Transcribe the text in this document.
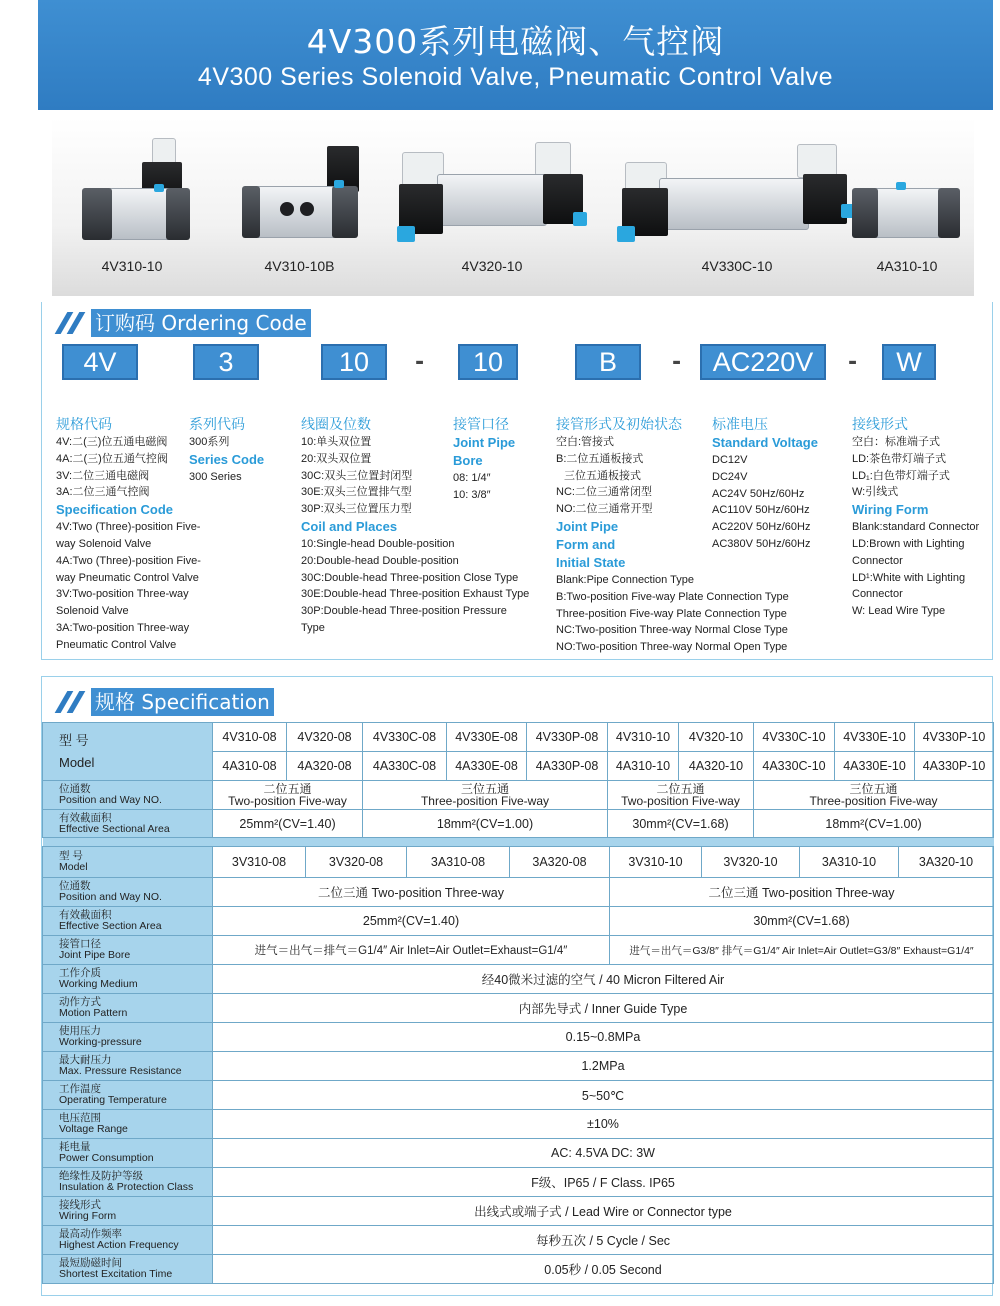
4V300系列电磁阀、气控阀
4V300 Series Solenoid Valve, Pneumatic Control Valve
4V310-10	4V310-10B	4V320-10	4V330C-10	4A310-10
订购码 Ordering Code
4V	3	10	-	10	B	-	AC220V	-	W
规格代码
4V:二(三)位五通电磁阀
4A:二(三)位五通气控阀
3V:二位三通电磁阀
3A:二位三通气控阀
Specification Code
4V:Two (Three)-position Five-
way Solenoid Valve
4A:Two (Three)-position Five-
way Pneumatic Control Valve
3V:Two-position Three-way
Solenoid Valve
3A:Two-position Three-way
Pneumatic Control Valve
系列代码
300系列
Series Code
300 Series
线圈及位数
10:单头双位置
20:双头双位置
30C:双头三位置封闭型
30E:双头三位置排气型
30P:双头三位置压力型
Coil and Places
10:Single-head Double-position
20:Double-head Double-position
30C:Double-head Three-position Close Type
30E:Double-head Three-position Exhaust Type
30P:Double-head Three-position Pressure
Type
接管口径
Joint Pipe
Bore
08: 1/4″
10: 3/8″
接管形式及初始状态
空白:管接式
B:二位五通板接式
三位五通板接式
NC:二位三通常闭型
NO:二位三通常开型
Joint Pipe
Form and
Initial State
Blank:Pipe Connection Type
B:Two-position Five-way Plate Connection Type
Three-position Five-way Plate Connection Type
NC:Two-position Three-way Normal Close Type
NO:Two-position Three-way Normal Open Type
标准电压
Standard Voltage
DC12V
DC24V
AC24V 50Hz/60Hz
AC110V 50Hz/60Hz
AC220V 50Hz/60Hz
AC380V 50Hz/60Hz
接线形式
空白：标准端子式
LD:茶色带灯端子式
LD₁:白色带灯端子式
W:引线式
Wiring Form
Blank:standard Connector
LD:Brown with Lighting
Connector
LD¹:White with Lighting
Connector
W: Lead Wire Type
规格 Specification
型 号
Model	4V310-08	4V320-08	4V330C-08	4V330E-08	4V330P-08	4V310-10	4V320-10	4V330C-10	4V330E-10	4V330P-10
	4A310-08	4A320-08	4A330C-08	4A330E-08	4A330P-08	4A310-10	4A320-10	4A330C-10	4A330E-10	4A330P-10

位通数
Position and Way NO.	二位五通
Two-position Five-way		三位五通
Three-position Five-way			二位五通
Two-position Five-way		三位五通
Three-position Five-way		

有效截面积
Effective Sectional Area	25mm²(CV=1.40)		18mm²(CV=1.00)			30mm²(CV=1.68)		18mm²(CV=1.00)		

型 号
Model	3V310-08	3V320-08	3A310-08	3A320-08	3V310-10	3V320-10	3A310-10	3A320-10

位通数
Position and Way NO.	二位三通 Two-position Three-way				二位三通 Two-position Three-way			

有效截面积
Effective Section Area	25mm²(CV=1.40)				30mm²(CV=1.68)			

接管口径
Joint Pipe Bore	进气＝出气＝排气＝G1/4″ Air Inlet=Air Outlet=Exhaust=G1/4″				进气＝出气＝G3/8″ 排气＝G1/4″ Air Inlet=Air Outlet=G3/8″ Exhaust=G1/4″			

工作介质
Working Medium	经40微米过滤的空气 / 40 Micron Filtered Air							

动作方式
Motion Pattern	内部先导式 / Inner Guide Type							

使用压力
Working-pressure	0.15~0.8MPa							

最大耐压力
Max. Pressure Resistance	1.2MPa							

工作温度
Operating Temperature	5~50℃							

电压范围
Voltage Range	±10%							

耗电量
Power Consumption	AC: 4.5VA DC: 3W							

绝缘性及防护等级
Insulation & Protection Class	F级、IP65 / F Class. IP65							

接线形式
Wiring Form	出线式或端子式 / Lead Wire or Connector type							

最高动作频率
Highest Action Frequency	每秒五次 / 5 Cycle / Sec							

最短励磁时间
Shortest Excitation Time	0.05秒 / 0.05 Second							
